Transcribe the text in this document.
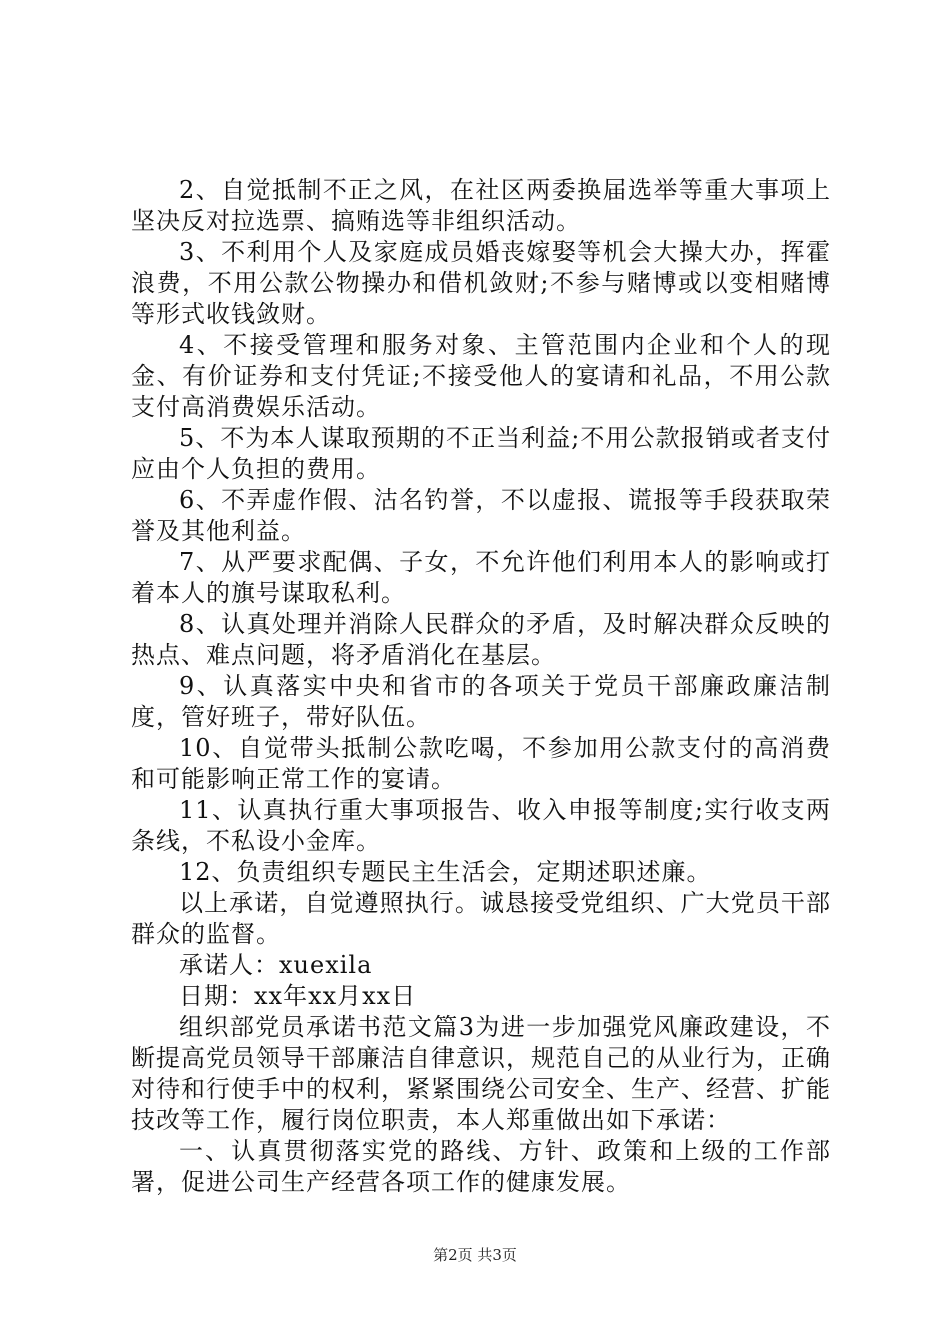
2、自觉抵制不正之风，在社区两委换届选举等重大事项上坚决反对拉选票、搞贿选等非组织活动。

3、不利用个人及家庭成员婚丧嫁娶等机会大操大办，挥霍浪费，不用公款公物操办和借机敛财;不参与赌博或以变相赌博等形式收钱敛财。

4、不接受管理和服务对象、主管范围内企业和个人的现金、有价证券和支付凭证;不接受他人的宴请和礼品，不用公款支付高消费娱乐活动。

5、不为本人谋取预期的不正当利益;不用公款报销或者支付应由个人负担的费用。

6、不弄虚作假、沽名钓誉，不以虚报、谎报等手段获取荣誉及其他利益。

7、从严要求配偶、子女，不允许他们利用本人的影响或打着本人的旗号谋取私利。

8、认真处理并消除人民群众的矛盾，及时解决群众反映的热点、难点问题，将矛盾消化在基层。

9、认真落实中央和省市的各项关于党员干部廉政廉洁制度，管好班子，带好队伍。

10、自觉带头抵制公款吃喝，不参加用公款支付的高消费和可能影响正常工作的宴请。

11、认真执行重大事项报告、收入申报等制度;实行收支两条线，不私设小金库。

12、负责组织专题民主生活会，定期述职述廉。

以上承诺，自觉遵照执行。诚恳接受党组织、广大党员干部群众的监督。

承诺人：xuexila

日期：xx年xx月xx日

组织部党员承诺书范文篇3为进一步加强党风廉政建设，不断提高党员领导干部廉洁自律意识，规范自己的从业行为，正确对待和行使手中的权利，紧紧围绕公司安全、生产、经营、扩能技改等工作，履行岗位职责，本人郑重做出如下承诺：

一、认真贯彻落实党的路线、方针、政策和上级的工作部署，促进公司生产经营各项工作的健康发展。

第2页 共3页
